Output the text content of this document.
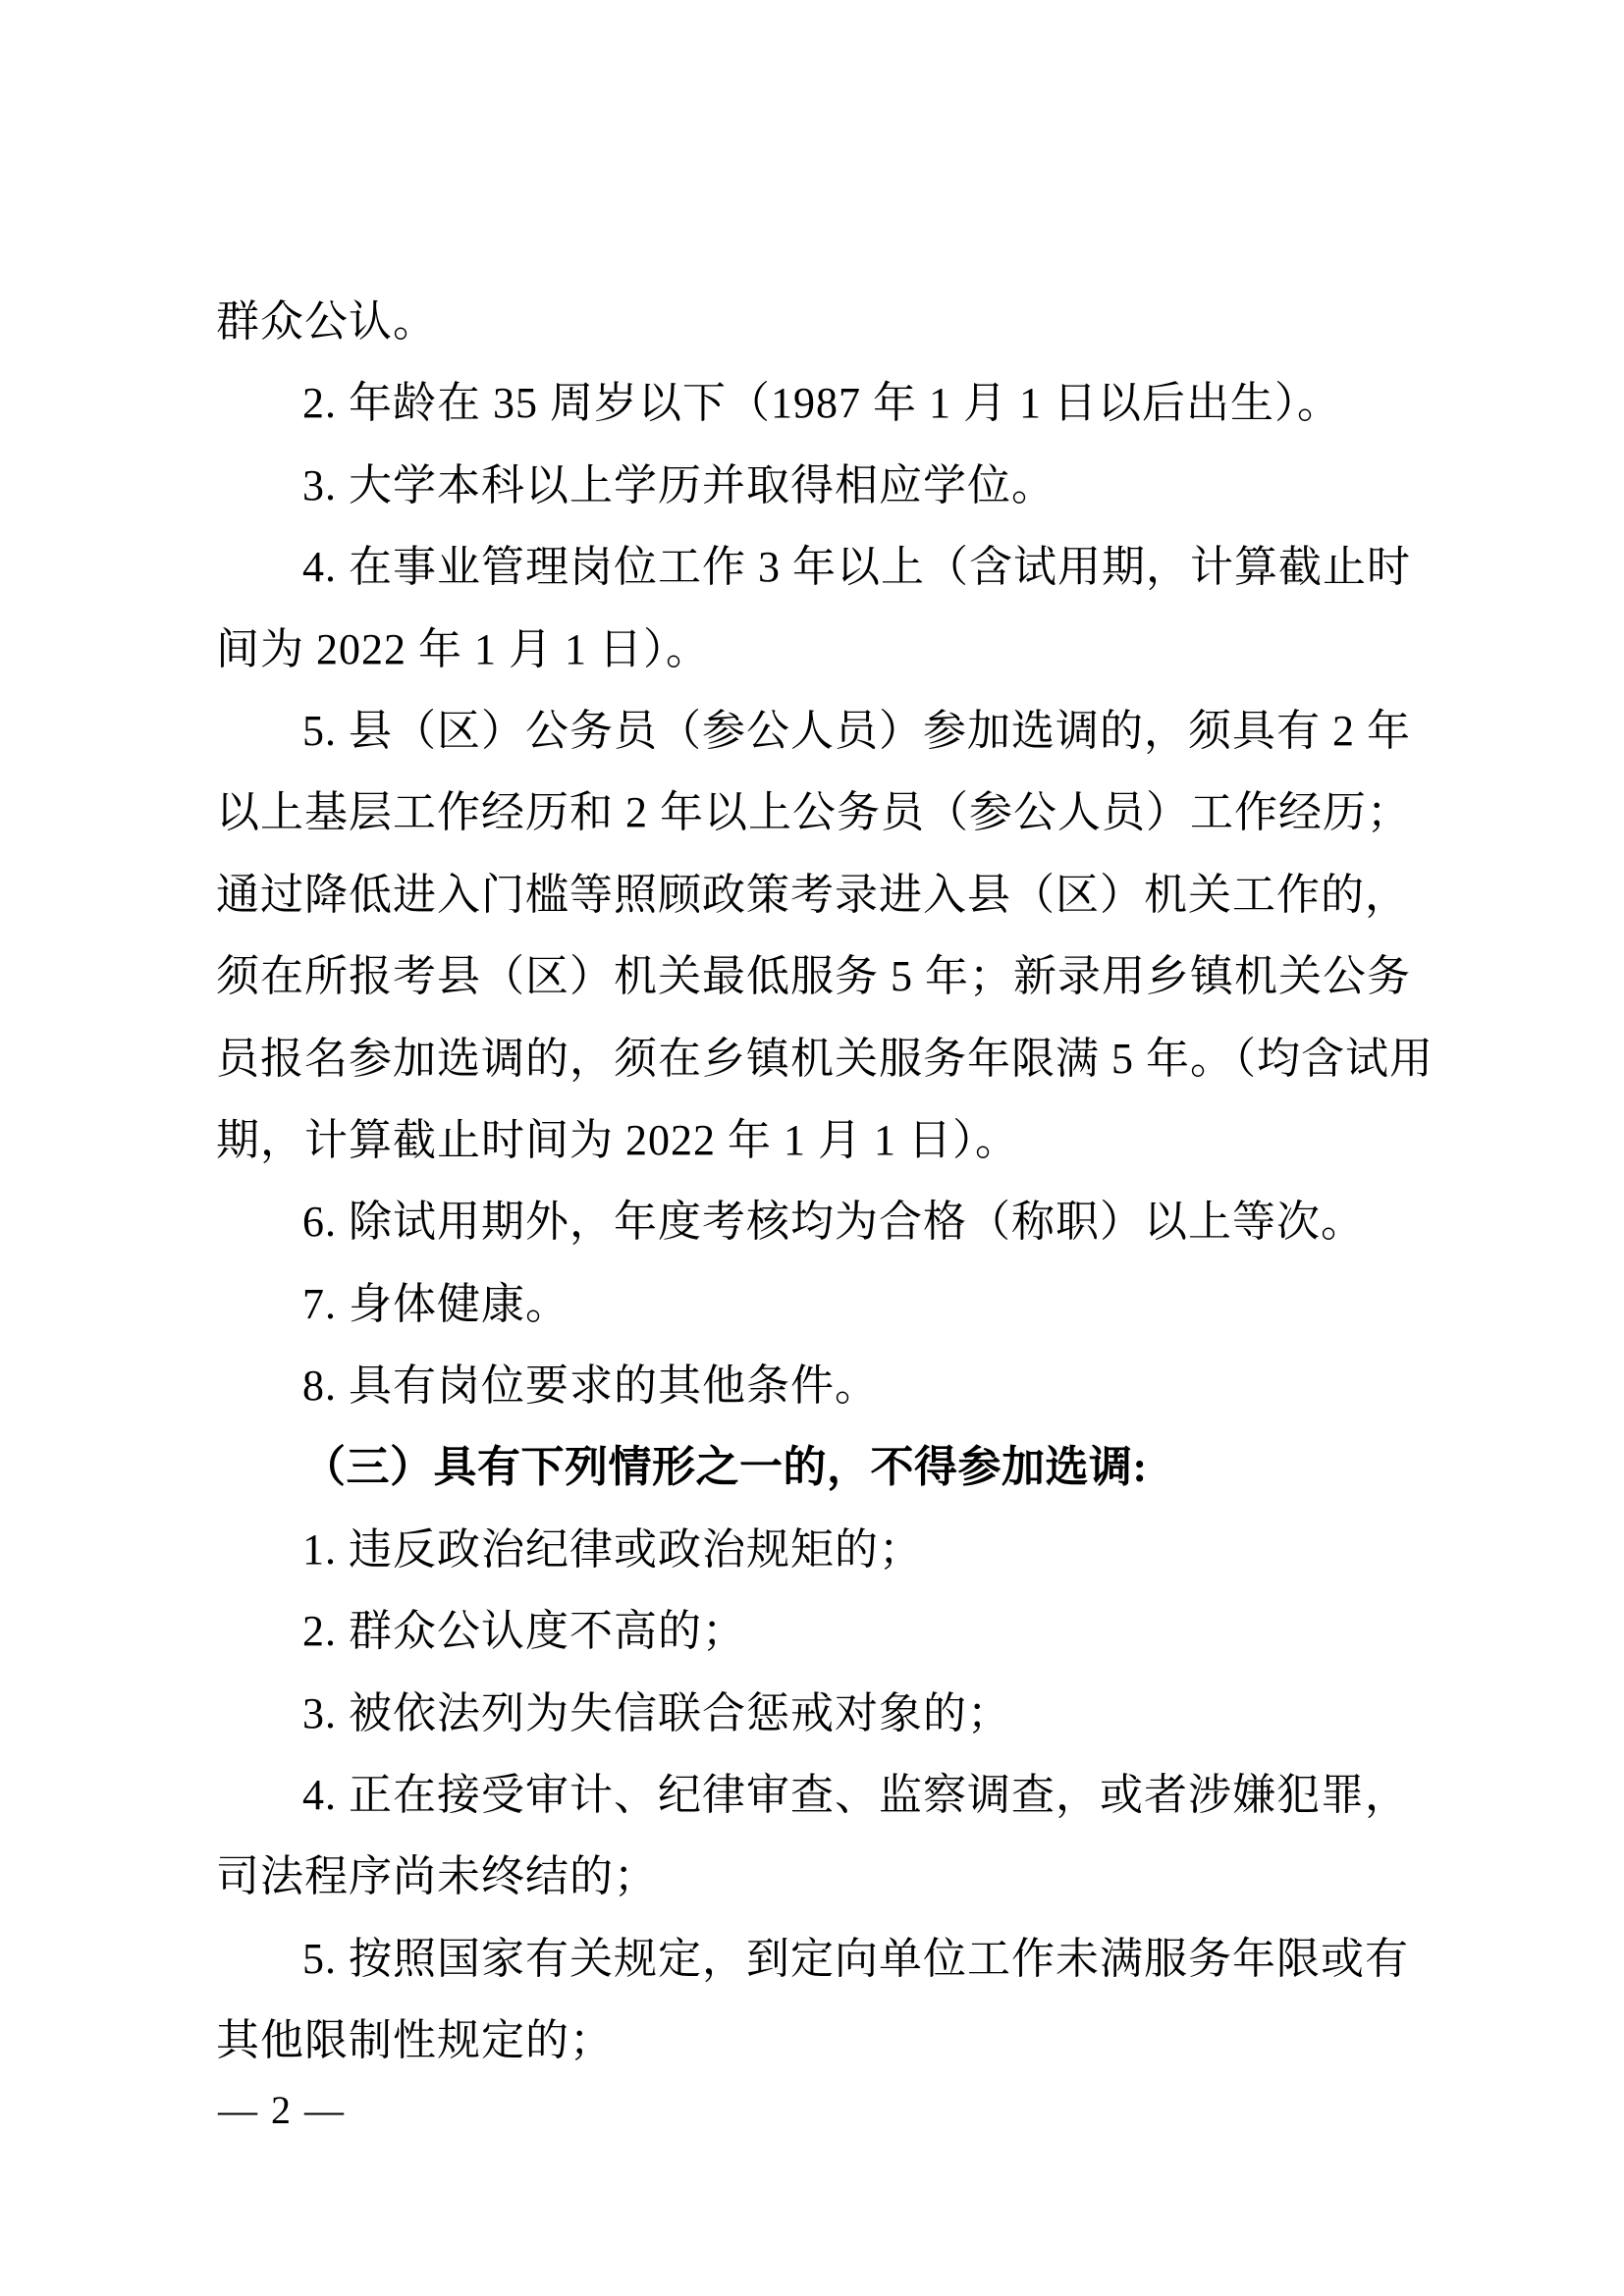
群众公认。
2. 年龄在 35 周岁以下（1987 年 1 月 1 日以后出生）。
3. 大学本科以上学历并取得相应学位。
4. 在事业管理岗位工作 3 年以上（含试用期，计算截止时
间为 2022 年 1 月 1 日）。
5. 县（区）公务员（参公人员）参加选调的，须具有 2 年
以上基层工作经历和 2 年以上公务员（参公人员）工作经历；
通过降低进入门槛等照顾政策考录进入县（区）机关工作的，
须在所报考县（区）机关最低服务 5 年；新录用乡镇机关公务
员报名参加选调的，须在乡镇机关服务年限满 5 年。（均含试用
期，计算截止时间为 2022 年 1 月 1 日）。
6. 除试用期外，年度考核均为合格（称职）以上等次。
7. 身体健康。
8. 具有岗位要求的其他条件。
（三）具有下列情形之一的，不得参加选调:
1. 违反政治纪律或政治规矩的；
2. 群众公认度不高的；
3. 被依法列为失信联合惩戒对象的；
4. 正在接受审计、纪律审查、监察调查，或者涉嫌犯罪，
司法程序尚未终结的；
5. 按照国家有关规定，到定向单位工作未满服务年限或有
其他限制性规定的；
— 2 —
